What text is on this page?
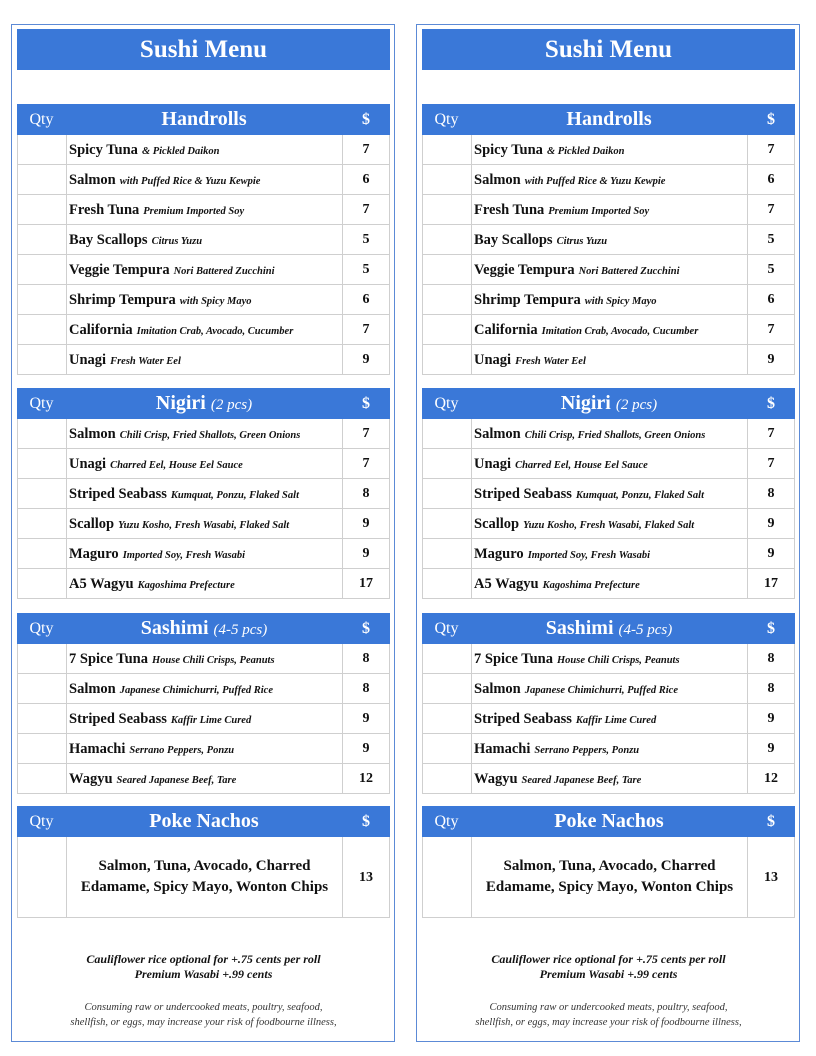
Sushi Menu
Qty	Handrolls	$
Spicy Tuna & Pickled Daikon	7
Salmon with Puffed Rice & Yuzu Kewpie	6
Fresh Tuna Premium Imported Soy	7
Bay Scallops Citrus Yuzu	5
Veggie Tempura Nori Battered Zucchini	5
Shrimp Tempura with Spicy Mayo	6
California Imitation Crab, Avocado, Cucumber	7
Unagi Fresh Water Eel	9
Qty	Nigiri (2 pcs)	$
Salmon Chili Crisp, Fried Shallots, Green Onions	7
Unagi Charred Eel, House Eel Sauce	7
Striped Seabass Kumquat, Ponzu, Flaked Salt	8
Scallop Yuzu Kosho, Fresh Wasabi, Flaked Salt	9
Maguro Imported Soy, Fresh Wasabi	9
A5 Wagyu Kagoshima Prefecture	17
Qty	Sashimi (4-5 pcs)	$
7 Spice Tuna House Chili Crisps, Peanuts	8
Salmon Japanese Chimichurri, Puffed Rice	8
Striped Seabass Kaffir Lime Cured	9
Hamachi Serrano Peppers, Ponzu	9
Wagyu Seared Japanese Beef, Tare	12
Qty	Poke Nachos	$
Salmon, Tuna, Avocado, Charred Edamame, Spicy Mayo, Wonton Chips
13
Cauliflower rice optional for +.75 cents per roll
Premium Wasabi +.99 cents
Consuming raw or undercooked meats, poultry, seafood,
shellfish, or eggs, may increase your risk of foodbourne illness,
Sushi Menu
Qty	Handrolls	$
Spicy Tuna & Pickled Daikon	7
Salmon with Puffed Rice & Yuzu Kewpie	6
Fresh Tuna Premium Imported Soy	7
Bay Scallops Citrus Yuzu	5
Veggie Tempura Nori Battered Zucchini	5
Shrimp Tempura with Spicy Mayo	6
California Imitation Crab, Avocado, Cucumber	7
Unagi Fresh Water Eel	9
Qty	Nigiri (2 pcs)	$
Salmon Chili Crisp, Fried Shallots, Green Onions	7
Unagi Charred Eel, House Eel Sauce	7
Striped Seabass Kumquat, Ponzu, Flaked Salt	8
Scallop Yuzu Kosho, Fresh Wasabi, Flaked Salt	9
Maguro Imported Soy, Fresh Wasabi	9
A5 Wagyu Kagoshima Prefecture	17
Qty	Sashimi (4-5 pcs)	$
7 Spice Tuna House Chili Crisps, Peanuts	8
Salmon Japanese Chimichurri, Puffed Rice	8
Striped Seabass Kaffir Lime Cured	9
Hamachi Serrano Peppers, Ponzu	9
Wagyu Seared Japanese Beef, Tare	12
Qty	Poke Nachos	$
Salmon, Tuna, Avocado, Charred Edamame, Spicy Mayo, Wonton Chips
13
Cauliflower rice optional for +.75 cents per roll
Premium Wasabi +.99 cents
Consuming raw or undercooked meats, poultry, seafood,
shellfish, or eggs, may increase your risk of foodbourne illness,
